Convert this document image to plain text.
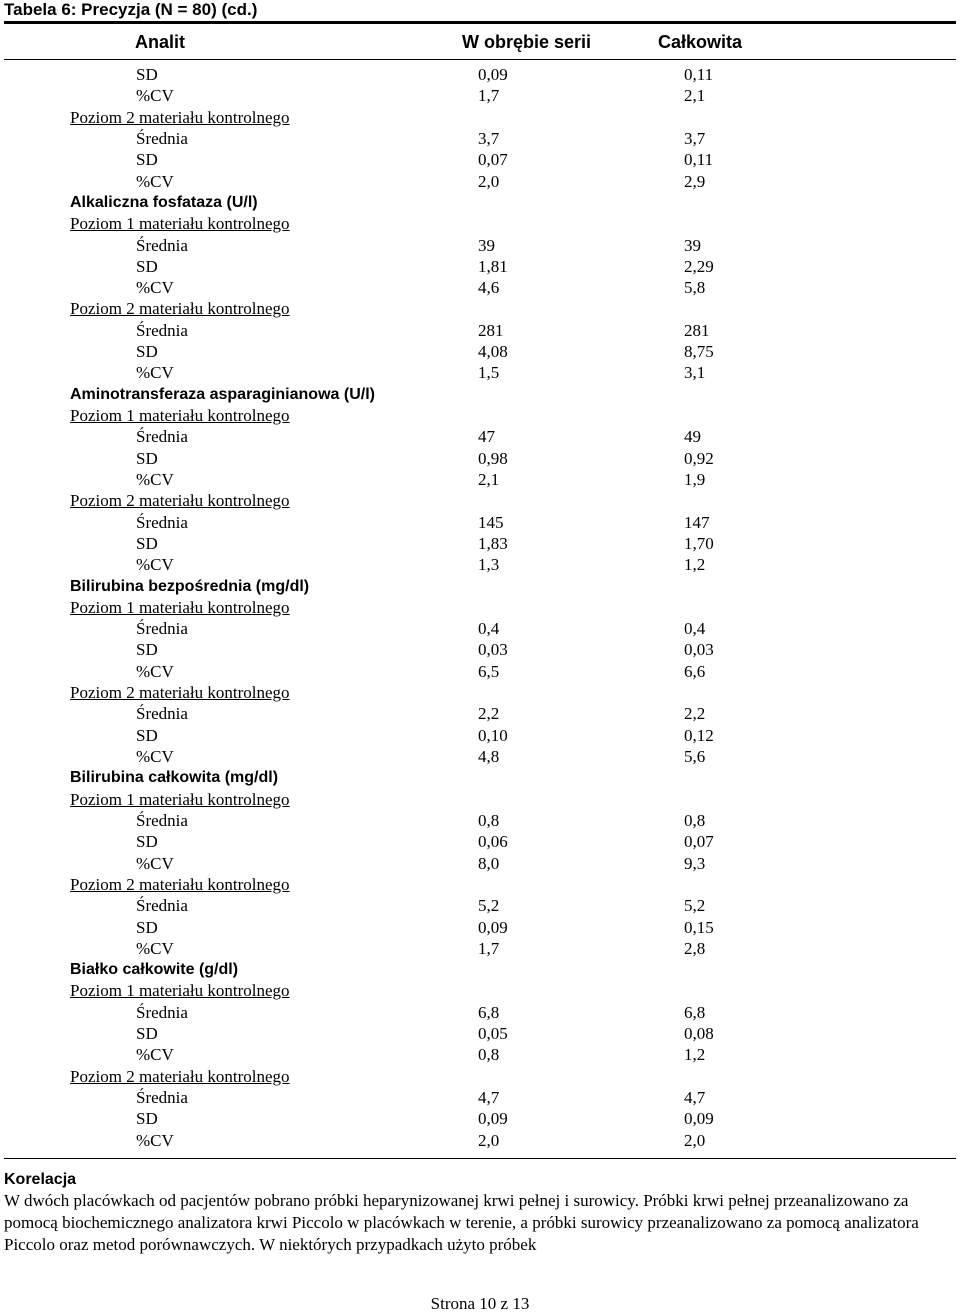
Tabela 6: Precyzja (N = 80) (cd.)
Analit	W obrębie serii	Całkowita
SD	0,09	0,11
%CV	1,7	2,1
Poziom 2 materiału kontrolnego
Średnia	3,7	3,7
SD	0,07	0,11
%CV	2,0	2,9
Alkaliczna fosfataza (U/l)
Poziom 1 materiału kontrolnego
Średnia	39	39
SD	1,81	2,29
%CV	4,6	5,8
Poziom 2 materiału kontrolnego
Średnia	281	281
SD	4,08	8,75
%CV	1,5	3,1
Aminotransferaza asparaginianowa (U/l)
Poziom 1 materiału kontrolnego
Średnia	47	49
SD	0,98	0,92
%CV	2,1	1,9
Poziom 2 materiału kontrolnego
Średnia	145	147
SD	1,83	1,70
%CV	1,3	1,2
Bilirubina bezpośrednia (mg/dl)
Poziom 1 materiału kontrolnego
Średnia	0,4	0,4
SD	0,03	0,03
%CV	6,5	6,6
Poziom 2 materiału kontrolnego
Średnia	2,2	2,2
SD	0,10	0,12
%CV	4,8	5,6
Bilirubina całkowita (mg/dl)
Poziom 1 materiału kontrolnego
Średnia	0,8	0,8
SD	0,06	0,07
%CV	8,0	9,3
Poziom 2 materiału kontrolnego
Średnia	5,2	5,2
SD	0,09	0,15
%CV	1,7	2,8
Białko całkowite (g/dl)
Poziom 1 materiału kontrolnego
Średnia	6,8	6,8
SD	0,05	0,08
%CV	0,8	1,2
Poziom 2 materiału kontrolnego
Średnia	4,7	4,7
SD	0,09	0,09
%CV	2,0	2,0
Korelacja
W dwóch placówkach od pacjentów pobrano próbki heparynizowanej krwi pełnej i surowicy. Próbki krwi pełnej przeanalizowano za pomocą biochemicznego analizatora krwi Piccolo w placówkach w terenie, a próbki surowicy przeanalizowano za pomocą analizatora Piccolo oraz metod porównawczych. W niektórych przypadkach użyto próbek
Strona 10 z 13
